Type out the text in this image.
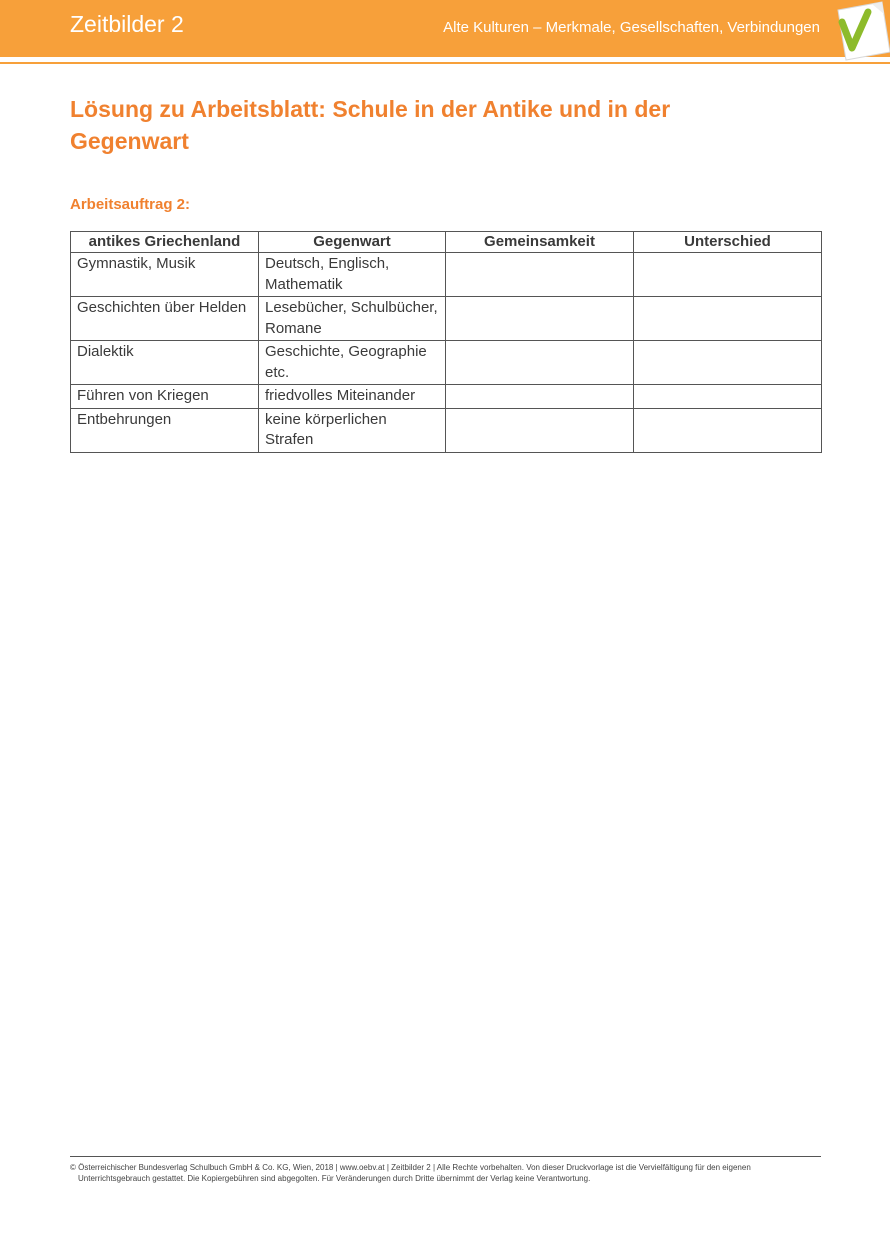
Zeitbilder 2	Alte Kulturen – Merkmale, Gesellschaften, Verbindungen
Lösung zu Arbeitsblatt: Schule in der Antike und in der Gegenwart
Arbeitsauftrag 2:
antikes Griechenland	Gegenwart	Gemeinsamkeit	Unterschied
Gymnastik, Musik	Deutsch, Englisch, Mathematik		
Geschichten über Helden	Lesebücher, Schulbücher, Romane		
Dialektik	Geschichte, Geographie etc.		
Führen von Kriegen	friedvolles Miteinander		
Entbehrungen	keine körperlichen Strafen		
© Österreichischer Bundesverlag Schulbuch GmbH & Co. KG, Wien, 2018 | www.oebv.at | Zeitbilder 2 | Alle Rechte vorbehalten. Von dieser Druckvorlage ist die Vervielfältigung für den eigenen
Unterrichtsgebrauch gestattet. Die Kopiergebühren sind abgegolten. Für Veränderungen durch Dritte übernimmt der Verlag keine Verantwortung.
